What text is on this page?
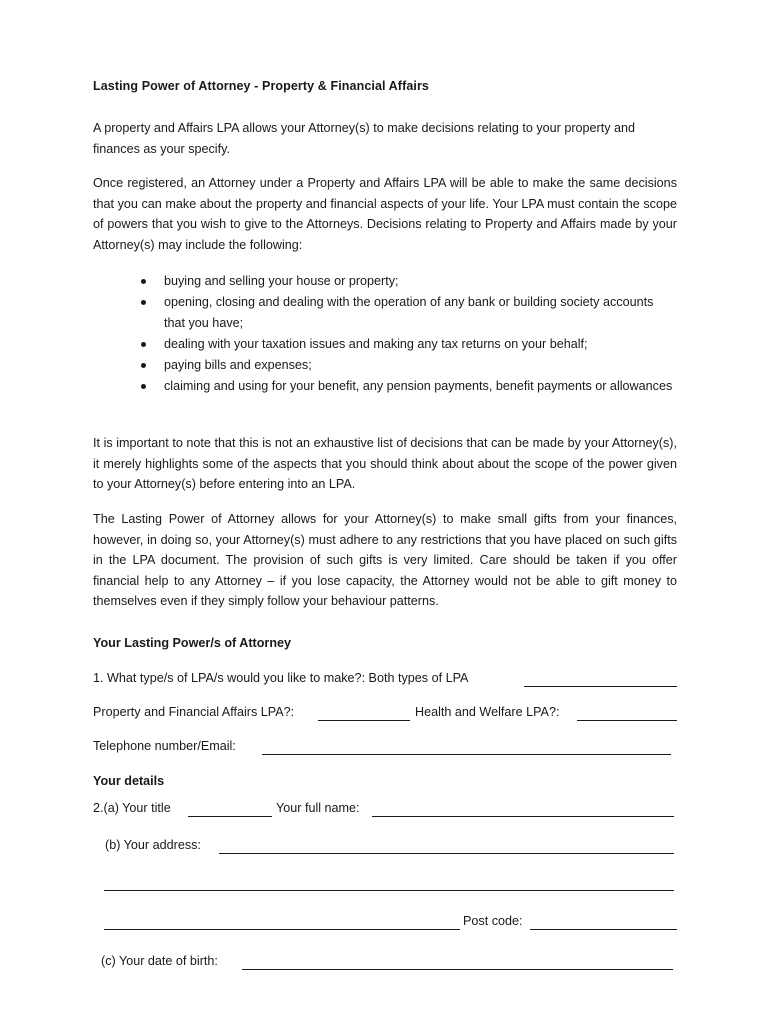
Lasting Power of Attorney - Property & Financial Affairs
A property and Affairs LPA allows your Attorney(s) to make decisions relating to your property and finances as your specify.
Once registered, an Attorney under a Property and Affairs LPA will be able to make the same decisions that you can make about the property and financial aspects of your life. Your LPA must contain the scope of powers that you wish to give to the Attorneys. Decisions relating to Property and Affairs made by your Attorney(s) may include the following:
buying and selling your house or property;
opening, closing and dealing with the operation of any bank or building society accounts that you have;
dealing with your taxation issues and making any tax returns on your behalf;
paying bills and expenses;
claiming and using for your benefit, any pension payments, benefit payments or allowances
It is important to note that this is not an exhaustive list of decisions that can be made by your Attorney(s), it merely highlights some of the aspects that you should think about about the scope of the power given to your Attorney(s) before entering into an LPA.
The Lasting Power of Attorney allows for your Attorney(s) to make small gifts from your finances, however, in doing so, your Attorney(s) must adhere to any restrictions that you have placed on such gifts in the LPA document. The provision of such gifts is very limited. Care should be taken if you offer financial help to any Attorney – if you lose capacity, the Attorney would not be able to gift money to themselves even if they simply follow your behaviour patterns.
Your Lasting Power/s of Attorney
1. What type/s of LPA/s would you like to make?: Both types of LPA
Property and Financial Affairs LPA?:	Health and Welfare LPA?:
Telephone number/Email:
Your details
2.(a) Your title	Your full name:
(b) Your address:
Post code:
(c) Your date of birth:
